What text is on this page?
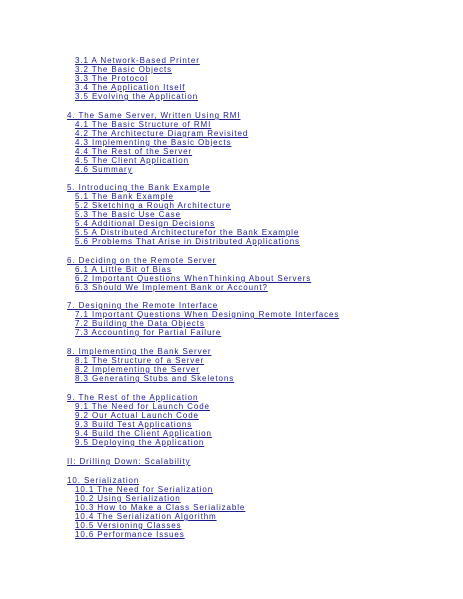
3.1 A Network-Based Printer
3.2 The Basic Objects
3.3 The Protocol
3.4 The Application Itself
3.5 Evolving the Application
4. The Same Server, Written Using RMI
4.1 The Basic Structure of RMI
4.2 The Architecture Diagram Revisited
4.3 Implementing the Basic Objects
4.4 The Rest of the Server
4.5 The Client Application
4.6 Summary
5. Introducing the Bank Example
5.1 The Bank Example
5.2 Sketching a Rough Architecture
5.3 The Basic Use Case
5.4 Additional Design Decisions
5.5 A Distributed Architecturefor the Bank Example
5.6 Problems That Arise in Distributed Applications
6. Deciding on the Remote Server
6.1 A Little Bit of Bias
6.2 Important Questions WhenThinking About Servers
6.3 Should We Implement Bank or Account?
7. Designing the Remote Interface
7.1 Important Questions When Designing Remote Interfaces
7.2 Building the Data Objects
7.3 Accounting for Partial Failure
8. Implementing the Bank Server
8.1 The Structure of a Server
8.2 Implementing the Server
8.3 Generating Stubs and Skeletons
9. The Rest of the Application
9.1 The Need for Launch Code
9.2 Our Actual Launch Code
9.3 Build Test Applications
9.4 Build the Client Application
9.5 Deploying the Application
II: Drilling Down: Scalability
10. Serialization
10.1 The Need for Serialization
10.2 Using Serialization
10.3 How to Make a Class Serializable
10.4 The Serialization Algorithm
10.5 Versioning Classes
10.6 Performance Issues
